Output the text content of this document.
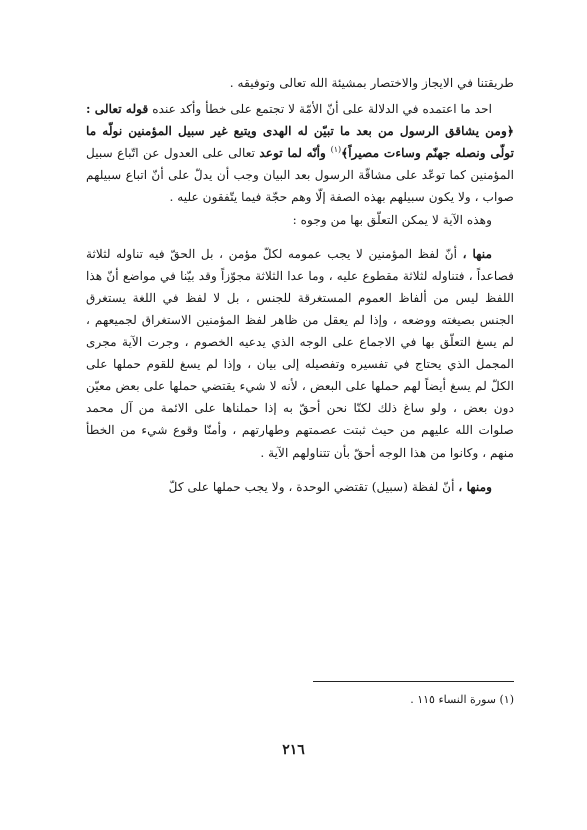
طريقتنا في الايجاز والاختصار بمشيئة الله تعالى وتوفيقه .

احد ما اعتمده في الدلالة على أنّ الأمّة لا تجتمع على خطأ وأكد عنده قوله تعالى : ﴿ومن يشاقق الرسول من بعد ما تبيّن له الهدى ويتبع غير سبيل المؤمنين نولّه ما تولّى ونصله جهنّم وساءت مصيراً﴾$^{(١)}$ وأنّه لما توعد تعالى على العدول عن اتّباع سبيل المؤمنين كما توعّد على مشاقّة الرسول بعد البيان وجب أن يدلّ على أنّ اتباع سبيلهم صواب ، ولا يكون سبيلهم بهذه الصفة إلّا وهم حجّة فيما يتّفقون عليه .

وهذه الآية لا يمكن التعلّق بها من وجوه :

منها ، أنّ لفظ المؤمنين لا يجب عمومه لكلّ مؤمن ، بل الحقّ فيه تناوله لثلاثة فصاعداً ، فتناوله لثلاثة مقطوع عليه ، وما عدا الثلاثة مجوّزاً وقد بيّنا في مواضع أنّ هذا اللفظ ليس من ألفاظ العموم المستغرقة للجنس ، بل لا لفظ في اللغة يستغرق الجنس بصيغته ووضعه ، وإذا لم يعقل من ظاهر لفظ المؤمنين الاستغراق لجميعهم ، لم يسغ التعلّق بها في الاجماع على الوجه الذي يدعيه الخصوم ، وجرت الآية مجرى المجمل الذي يحتاج في تفسيره وتفصيله إلى بيان ، وإذا لم يسغ للقوم حملها على الكلّ لم يسغ أيضاً لهم حملها على البعض ، لأنه لا شيء يقتضي حملها على بعض معيّن دون بعض ، ولو ساغ ذلك لكنّا نحن أحقّ به إذا حملناها على الائمة من آل محمد صلوات الله عليهم من حيث ثبتت عصمتهم وطهارتهم ، وأمنّا وقوع شيء من الخطأ منهم ، وكانوا من هذا الوجه أحقّ بأن تتناولهم الآية .

ومنها ، أنّ لفظة (سبيل) تقتضي الوحدة ، ولا يجب حملها على كلّ

(١) سورة النساء ١١٥ .
٢١٦
